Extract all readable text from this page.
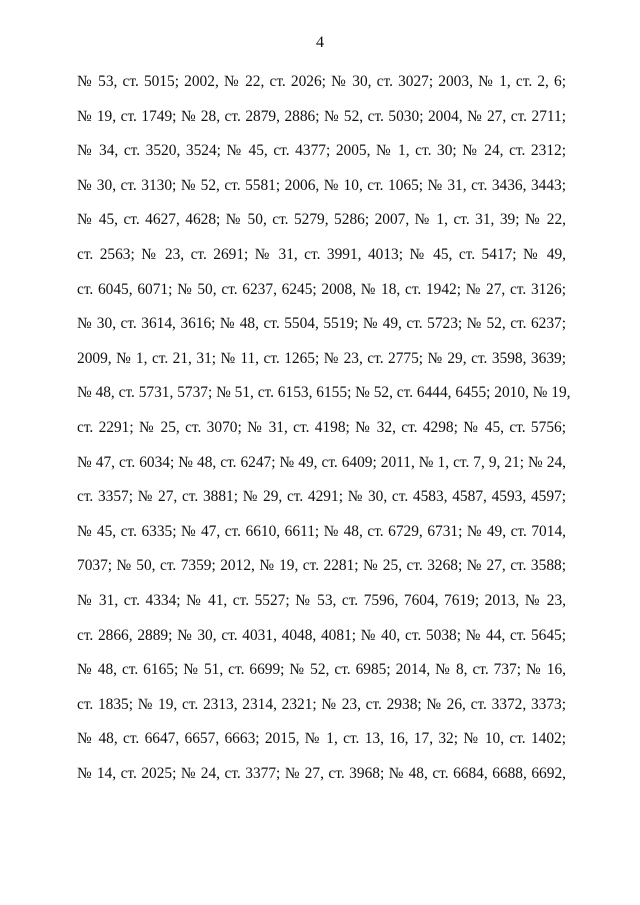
4
№ 53, ст. 5015; 2002, № 22, ст. 2026; № 30, ст. 3027; 2003, № 1, ст. 2, 6;
№ 19, ст. 1749; № 28, ст. 2879, 2886; № 52, ст. 5030; 2004, № 27, ст. 2711;
№ 34, ст. 3520, 3524; № 45, ст. 4377; 2005, № 1, ст. 30; № 24, ст. 2312;
№ 30, ст. 3130; № 52, ст. 5581; 2006, № 10, ст. 1065; № 31, ст. 3436, 3443;
№ 45, ст. 4627, 4628; № 50, ст. 5279, 5286; 2007, № 1, ст. 31, 39; № 22,
ст. 2563; № 23, ст. 2691; № 31, ст. 3991, 4013; № 45, ст. 5417; № 49,
ст. 6045, 6071; № 50, ст. 6237, 6245; 2008, № 18, ст. 1942; № 27, ст. 3126;
№ 30, ст. 3614, 3616; № 48, ст. 5504, 5519; № 49, ст. 5723; № 52, ст. 6237;
2009, № 1, ст. 21, 31; № 11, ст. 1265; № 23, ст. 2775; № 29, ст. 3598, 3639;
№ 48, ст. 5731, 5737; № 51, ст. 6153, 6155; № 52, ст. 6444, 6455; 2010, № 19,
ст. 2291; № 25, ст. 3070; № 31, ст. 4198; № 32, ст. 4298; № 45, ст. 5756;
№ 47, ст. 6034; № 48, ст. 6247; № 49, ст. 6409; 2011, № 1, ст. 7, 9, 21; № 24,
ст. 3357; № 27, ст. 3881; № 29, ст. 4291; № 30, ст. 4583, 4587, 4593, 4597;
№ 45, ст. 6335; № 47, ст. 6610, 6611; № 48, ст. 6729, 6731; № 49, ст. 7014,
7037; № 50, ст. 7359; 2012, № 19, ст. 2281; № 25, ст. 3268; № 27, ст. 3588;
№ 31, ст. 4334; № 41, ст. 5527; № 53, ст. 7596, 7604, 7619; 2013, № 23,
ст. 2866, 2889; № 30, ст. 4031, 4048, 4081; № 40, ст. 5038; № 44, ст. 5645;
№ 48, ст. 6165; № 51, ст. 6699; № 52, ст. 6985; 2014, № 8, ст. 737; № 16,
ст. 1835; № 19, ст. 2313, 2314, 2321; № 23, ст. 2938; № 26, ст. 3372, 3373;
№ 48, ст. 6647, 6657, 6663; 2015, № 1, ст. 13, 16, 17, 32; № 10, ст. 1402;
№ 14, ст. 2025; № 24, ст. 3377; № 27, ст. 3968; № 48, ст. 6684, 6688, 6692,
